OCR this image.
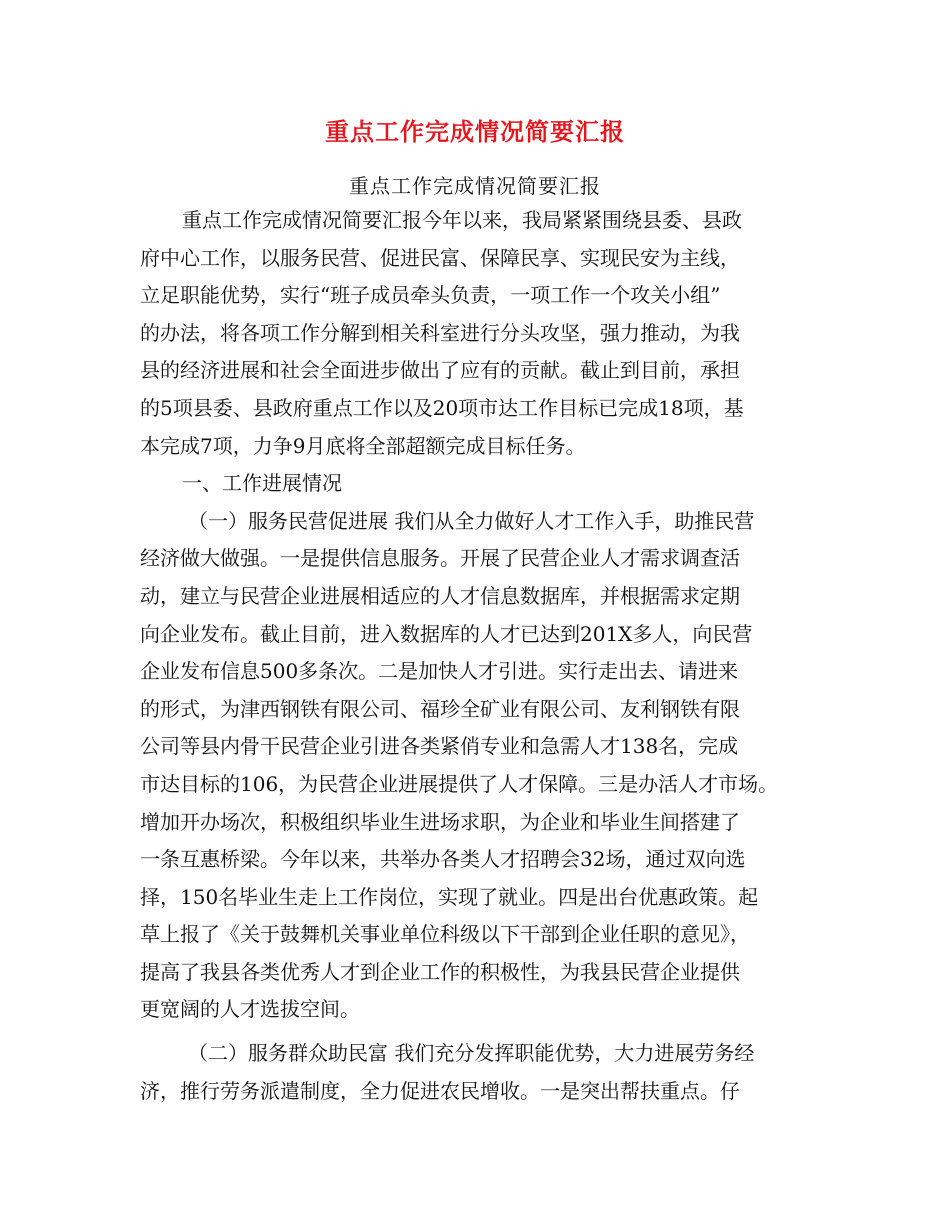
重点工作完成情况简要汇报
重点工作完成情况简要汇报
重点工作完成情况简要汇报今年以来，我局紧紧围绕县委、县政
府中心工作，以服务民营、促进民富、保障民享、实现民安为主线，
立足职能优势，实行“班子成员牵头负责，一项工作一个攻关小组”
的办法，将各项工作分解到相关科室进行分头攻坚，强力推动，为我
县的经济进展和社会全面进步做出了应有的贡献。截止到目前，承担
的5项县委、县政府重点工作以及20项市达工作目标已完成18项，基
本完成7项，力争9月底将全部超额完成目标任务。
一、工作进展情况
（一）服务民营促进展 我们从全力做好人才工作入手，助推民营
经济做大做强。一是提供信息服务。开展了民营企业人才需求调查活
动，建立与民营企业进展相适应的人才信息数据库，并根据需求定期
向企业发布。截止目前，进入数据库的人才已达到201X多人，向民营
企业发布信息500多条次。二是加快人才引进。实行走出去、请进来
的形式，为津西钢铁有限公司、福珍全矿业有限公司、友利钢铁有限
公司等县内骨干民营企业引进各类紧俏专业和急需人才138名，完成
市达目标的106，为民营企业进展提供了人才保障。三是办活人才市场。
增加开办场次，积极组织毕业生进场求职，为企业和毕业生间搭建了
一条互惠桥梁。今年以来，共举办各类人才招聘会32场，通过双向选
择，150名毕业生走上工作岗位，实现了就业。四是出台优惠政策。起
草上报了《关于鼓舞机关事业单位科级以下干部到企业任职的意见》，
提高了我县各类优秀人才到企业工作的积极性，为我县民营企业提供
更宽阔的人才选拔空间。
（二）服务群众助民富 我们充分发挥职能优势，大力进展劳务经
济，推行劳务派遣制度，全力促进农民增收。一是突出帮扶重点。仔
